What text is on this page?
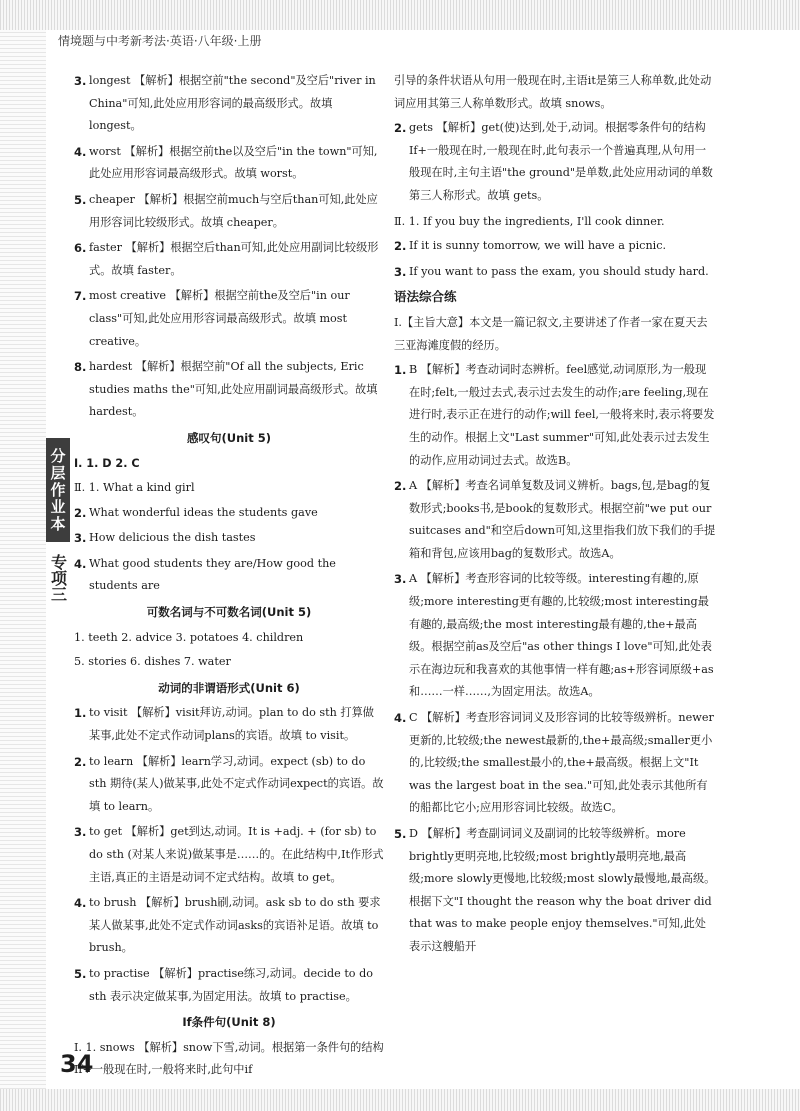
情境题与中考新考法·英语·八年级·上册
分层作业本
专项三
3. longest 【解析】根据空前"the second"及空后"river in China"可知,此处应用形容词的最高级形式。故填 longest。
4. worst 【解析】根据空前the以及空后"in the town"可知,此处应用形容词最高级形式。故填 worst。
5. cheaper 【解析】根据空前much与空后than可知,此处应用形容词比较级形式。故填 cheaper。
6. faster 【解析】根据空后than可知,此处应用副词比较级形式。故填 faster。
7. most creative 【解析】根据空前the及空后"in our class"可知,此处应用形容词最高级形式。故填 most creative。
8. hardest 【解析】根据空前"Of all the subjects, Eric studies maths the"可知,此处应用副词最高级形式。故填 hardest。
感叹句(Unit 5)
Ⅰ. 1. D 2. C
Ⅱ. 1. What a kind girl
2. What wonderful ideas the students gave
3. How delicious the dish tastes
4. What good students they are/How good the students are
可数名词与不可数名词(Unit 5)
1. teeth 2. advice 3. potatoes 4. children
5. stories 6. dishes 7. water
动词的非谓语形式(Unit 6)
1. to visit 【解析】visit拜访,动词。plan to do sth 打算做某事,此处不定式作动词plans的宾语。故填 to visit。
2. to learn 【解析】learn学习,动词。expect (sb) to do sth 期待(某人)做某事,此处不定式作动词expect的宾语。故填 to learn。
3. to get 【解析】get到达,动词。It is +adj. + (for sb) to do sth (对某人来说)做某事是……的。在此结构中,It作形式主语,真正的主语是动词不定式结构。故填 to get。
4. to brush 【解析】brush刷,动词。ask sb to do sth 要求某人做某事,此处不定式作动词asks的宾语补足语。故填 to brush。
5. to practise 【解析】practise练习,动词。decide to do sth 表示决定做某事,为固定用法。故填 to practise。
If条件句(Unit 8)
Ⅰ. 1. snows 【解析】snow下雪,动词。根据第一条件句的结构If+一般现在时,一般将来时,此句中if
引导的条件状语从句用一般现在时,主语it是第三人称单数,此处动词应用其第三人称单数形式。故填 snows。
2. gets 【解析】get(使)达到,处于,动词。根据零条件句的结构If+一般现在时,一般现在时,此句表示一个普遍真理,从句用一般现在时,主句主语"the ground"是单数,此处应用动词的单数第三人称形式。故填 gets。
Ⅱ. 1. If you buy the ingredients, I'll cook dinner.
2. If it is sunny tomorrow, we will have a picnic.
3. If you want to pass the exam, you should study hard.
语法综合练
Ⅰ.【主旨大意】本文是一篇记叙文,主要讲述了作者一家在夏天去三亚海滩度假的经历。
1. B 【解析】考查动词时态辨析。feel感觉,动词原形,为一般现在时;felt,一般过去式,表示过去发生的动作;are feeling,现在进行时,表示正在进行的动作;will feel,一般将来时,表示将要发生的动作。根据上文"Last summer"可知,此处表示过去发生的动作,应用动词过去式。故选B。
2. A 【解析】考查名词单复数及词义辨析。bags,包,是bag的复数形式;books书,是book的复数形式。根据空前"we put our suitcases and"和空后down可知,这里指我们放下我们的手提箱和背包,应该用bag的复数形式。故选A。
3. A 【解析】考查形容词的比较等级。interesting有趣的,原级;more interesting更有趣的,比较级;most interesting最有趣的,最高级;the most interesting最有趣的,the+最高级。根据空前as及空后"as other things I love"可知,此处表示在海边玩和我喜欢的其他事情一样有趣;as+形容词原级+as和……一样……,为固定用法。故选A。
4. C 【解析】考查形容词词义及形容词的比较等级辨析。newer更新的,比较级;the newest最新的,the+最高级;smaller更小的,比较级;the smallest最小的,the+最高级。根据上文"It was the largest boat in the sea."可知,此处表示其他所有的船都比它小;应用形容词比较级。故选C。
5. D 【解析】考查副词词义及副词的比较等级辨析。more brightly更明亮地,比较级;most brightly最明亮地,最高级;more slowly更慢地,比较级;most slowly最慢地,最高级。根据下文"I thought the reason why the boat driver did that was to make people enjoy themselves."可知,此处表示这艘船开
34
